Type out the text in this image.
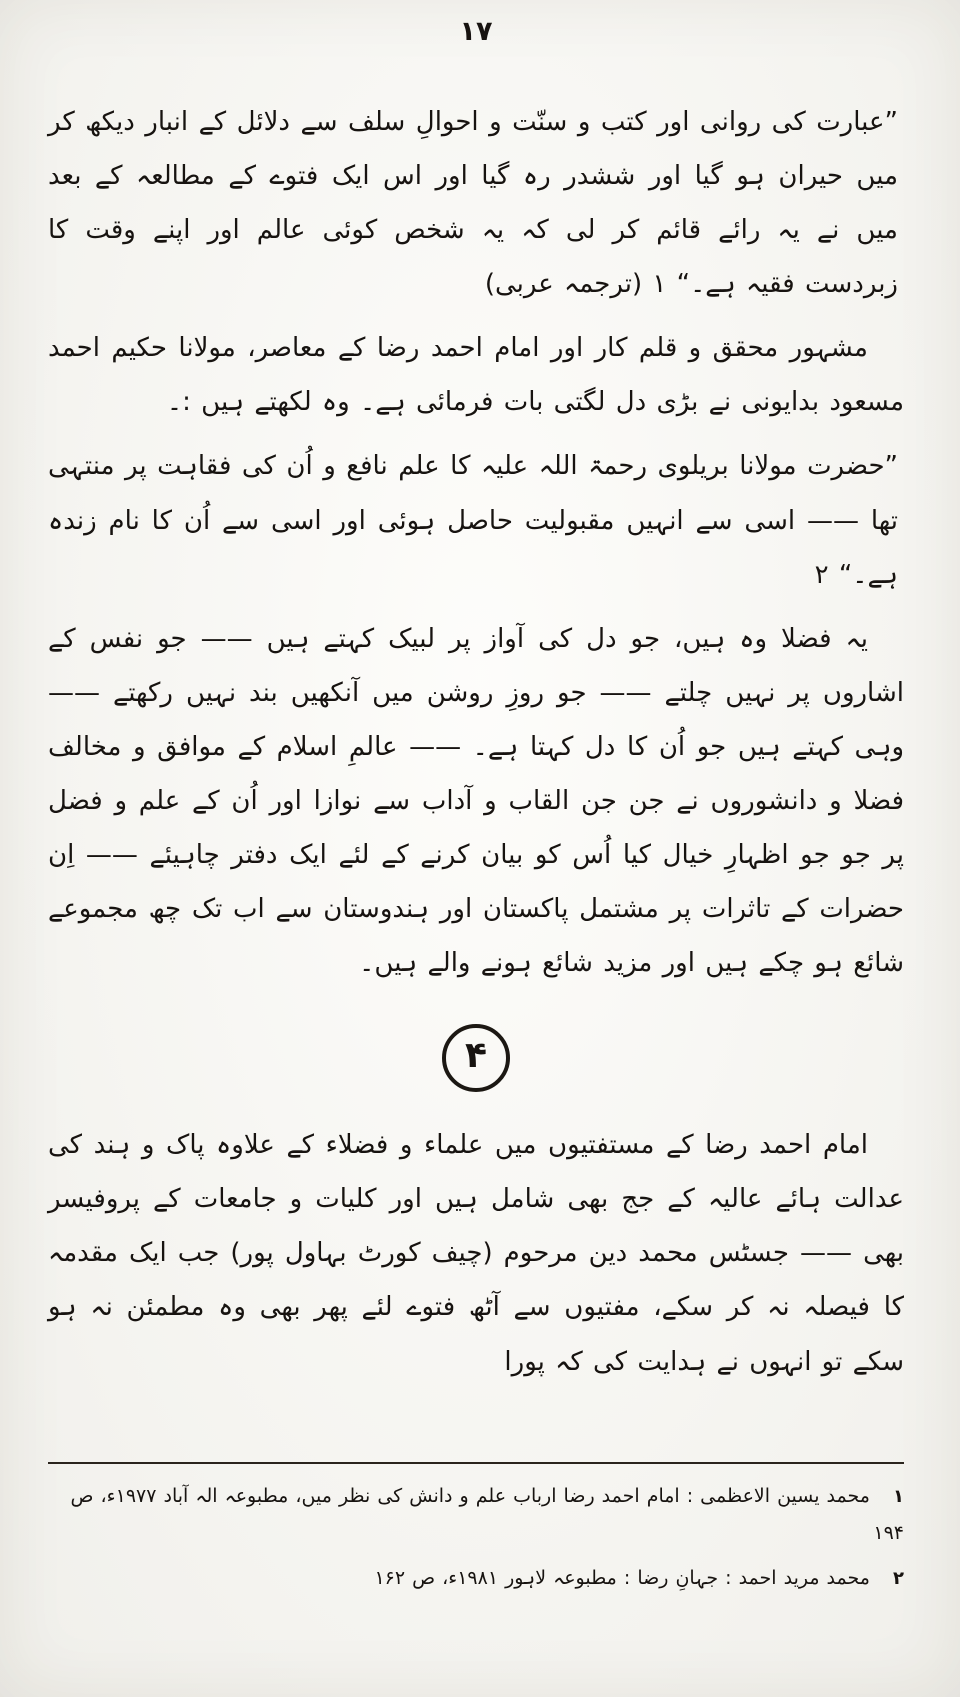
۱۷

”عبارت کی روانی اور کتب و سنّت و احوالِ سلف سے دلائل کے انبار دیکھ کر میں حیران ہو گیا اور ششدر رہ گیا اور اس ایک فتوے کے مطالعہ کے بعد میں نے یہ رائے قائم کر لی کہ یہ شخص کوئی عالم اور اپنے وقت کا زبردست فقیہ ہے۔“ ۱ (ترجمہ عربی)

مشہور محقق و قلم کار اور امام احمد رضا کے معاصر، مولانا حکیم احمد مسعود بدایونی نے بڑی دل لگتی بات فرمائی ہے۔ وہ لکھتے ہیں :۔

”حضرت مولانا بریلوی رحمۃ اللہ علیہ کا علم نافع و اُن کی فقاہت پر منتہی تھا —— اسی سے انہیں مقبولیت حاصل ہوئی اور اسی سے اُن کا نام زندہ ہے۔“ ۲

یہ فضلا وہ ہیں، جو دل کی آواز پر لبیک کہتے ہیں —— جو نفس کے اشاروں پر نہیں چلتے —— جو روزِ روشن میں آنکھیں بند نہیں رکھتے —— وہی کہتے ہیں جو اُن کا دل کہتا ہے۔ —— عالمِ اسلام کے موافق و مخالف فضلا و دانشوروں نے جن جن القاب و آداب سے نوازا اور اُن کے علم و فضل پر جو جو اظہارِ خیال کیا اُس کو بیان کرنے کے لئے ایک دفتر چاہیئے —— اِن حضرات کے تاثرات پر مشتمل پاکستان اور ہندوستان سے اب تک چھ مجموعے شائع ہو چکے ہیں اور مزید شائع ہونے والے ہیں۔

۴

امام احمد رضا کے مستفتیوں میں علماء و فضلاء کے علاوہ پاک و ہند کی عدالت ہائے عالیہ کے جج بھی شامل ہیں اور کلیات و جامعات کے پروفیسر بھی —— جسٹس محمد دین مرحوم (چیف کورٹ بہاول پور) جب ایک مقدمہ کا فیصلہ نہ کر سکے، مفتیوں سے آٹھ فتوے لئے پھر بھی وہ مطمئن نہ ہو سکے تو انہوں نے ہدایت کی کہ پورا

۱ محمد یسین الاعظمی : امام احمد رضا ارباب علم و دانش کی نظر میں، مطبوعہ الہ آباد ۱۹۷۷ء، ص ۱۹۴
۲ محمد مرید احمد : جہانِ رضا : مطبوعہ لاہور ۱۹۸۱ء، ص ۱۶۲
